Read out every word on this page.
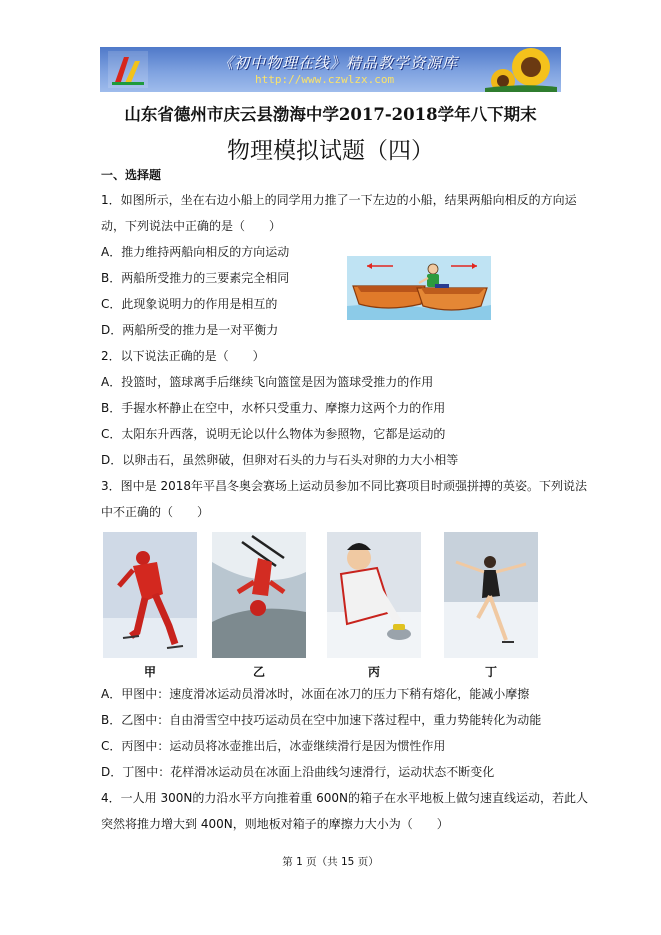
《初中物理在线》精品教学资源库
http://www.czwlzx.com
山东省德州市庆云县渤海中学2017-2018学年八下期末
物理模拟试题（四）
一、选择题
1．如图所示，坐在右边小船上的同学用力推了一下左边的小船，结果两船向相反的方向运
动，下列说法中正确的是（　　）
A．推力维持两船向相反的方向运动
B．两船所受推力的三要素完全相同
C．此现象说明力的作用是相互的
D．两船所受的推力是一对平衡力
2．以下说法正确的是（　　）
A．投篮时，篮球离手后继续飞向篮筐是因为篮球受推力的作用
B．手握水杯静止在空中，水杯只受重力、摩擦力这两个力的作用
C．太阳东升西落，说明无论以什么物体为参照物，它都是运动的
D．以卵击石，虽然卵破，但卵对石头的力与石头对卵的力大小相等
3．图中是 2018年平昌冬奥会赛场上运动员参加不同比赛项目时顽强拼搏的英姿。下列说法
中不正确的（　　）
甲	乙	丙	丁
A．甲图中：速度滑冰运动员滑冰时，冰面在冰刀的压力下稍有熔化，能减小摩擦
B．乙图中：自由滑雪空中技巧运动员在空中加速下落过程中，重力势能转化为动能
C．丙图中：运动员将冰壶推出后，冰壶继续滑行是因为惯性作用
D．丁图中：花样滑冰运动员在冰面上沿曲线匀速滑行，运动状态不断变化
4．一人用 300N的力沿水平方向推着重 600N的箱子在水平地板上做匀速直线运动，若此人
突然将推力增大到 400N，则地板对箱子的摩擦力大小为（　　）
第 1 页（共 15 页）
